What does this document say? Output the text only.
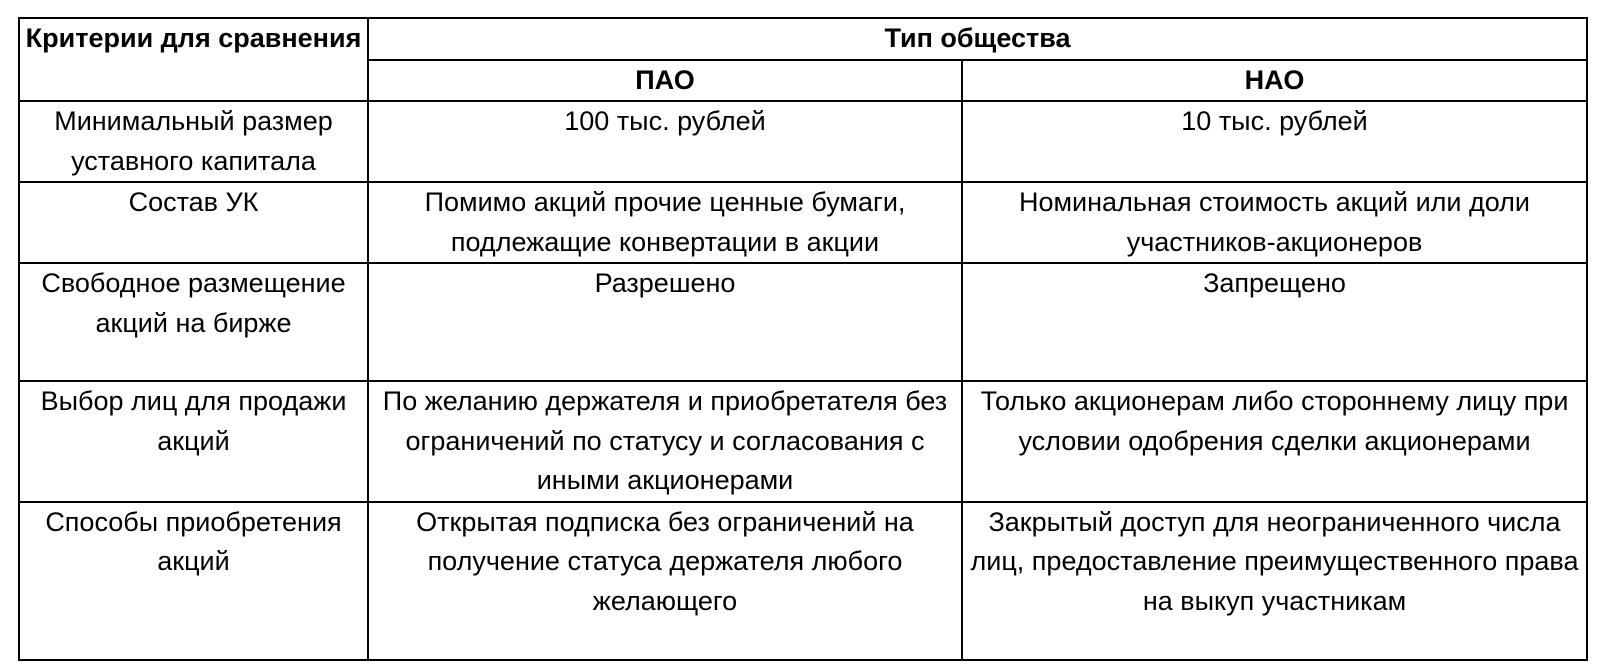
Критерии для сравнения	Тип общества	
	ПАО	НАО
Минимальный размер уставного капитала	100 тыс. рублей	10 тыс. рублей
Состав УК	Помимо акций прочие ценные бумаги, подлежащие конвертации в акции	Номинальная стоимость акций или доли участников-акционеров
Свободное размещение акций на бирже	Разрешено	Запрещено
Выбор лиц для продажи акций	По желанию держателя и приобретателя без ограничений по статусу и согласования с иными акционерами	Только акционерам либо стороннему лицу при условии одобрения сделки акционерами
Способы приобретения акций	Открытая подписка без ограничений на получение статуса держателя любого желающего	Закрытый доступ для неограниченного числа лиц, предоставление преимущественного права на выкуп участникам
